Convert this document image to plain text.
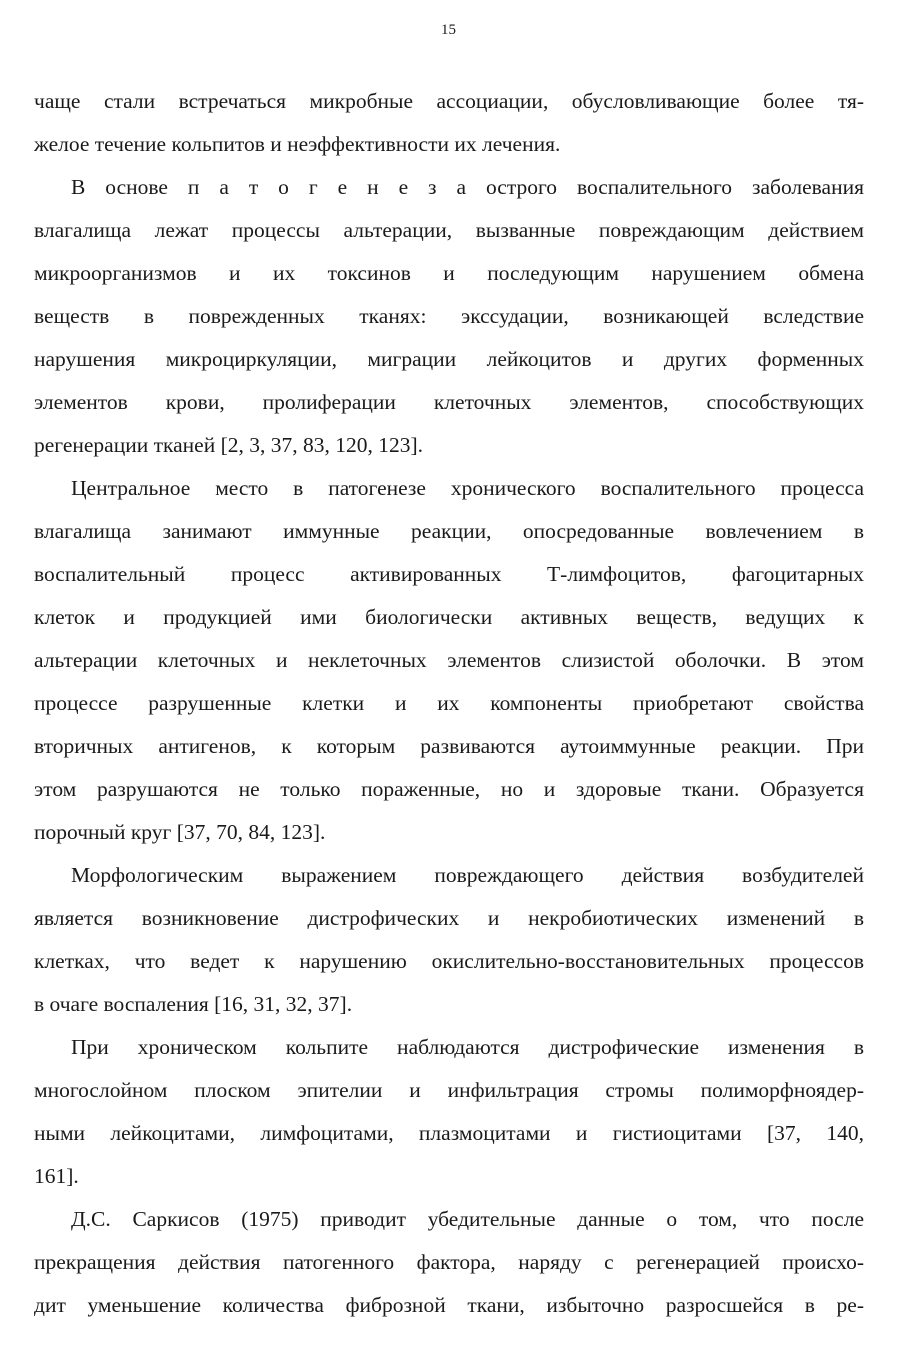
15
чаще стали встречаться микробные ассоциации, обусловливающие более тя-
желое течение кольпитов и неэффективности их лечения.
В основе п а т о г е н е з а острого воспалительного заболевания
влагалища лежат процессы альтерации, вызванные повреждающим действием
микроорганизмов и их токсинов и последующим нарушением обмена
веществ в поврежденных тканях: экссудации, возникающей вследствие
нарушения микроциркуляции, миграции лейкоцитов и других форменных
элементов крови, пролиферации клеточных элементов, способствующих
регенерации тканей [2, 3, 37, 83, 120, 123].
Центральное место в патогенезе хронического воспалительного процесса
влагалища занимают иммунные реакции, опосредованные вовлечением в
воспалительный процесс активированных Т-лимфоцитов, фагоцитарных
клеток и продукцией ими биологически активных веществ, ведущих к
альтерации клеточных и неклеточных элементов слизистой оболочки. В этом
процессе разрушенные клетки и их компоненты приобретают свойства
вторичных антигенов, к которым развиваются аутоиммунные реакции. При
этом разрушаются не только пораженные, но и здоровые ткани. Образуется
порочный круг [37, 70, 84, 123].
Морфологическим выражением повреждающего действия возбудителей
является возникновение дистрофических и некробиотических изменений в
клетках, что ведет к нарушению окислительно-восстановительных процессов
в очаге воспаления [16, 31, 32, 37].
При хроническом кольпите наблюдаются дистрофические изменения в
многослойном плоском эпителии и инфильтрация стромы полиморфноядер-
ными лейкоцитами, лимфоцитами, плазмоцитами и гистиоцитами [37, 140,
161].
Д.С. Саркисов (1975) приводит убедительные данные о том, что после
прекращения действия патогенного фактора, наряду с регенерацией происхо-
дит уменьшение количества фиброзной ткани, избыточно разросшейся в ре-
